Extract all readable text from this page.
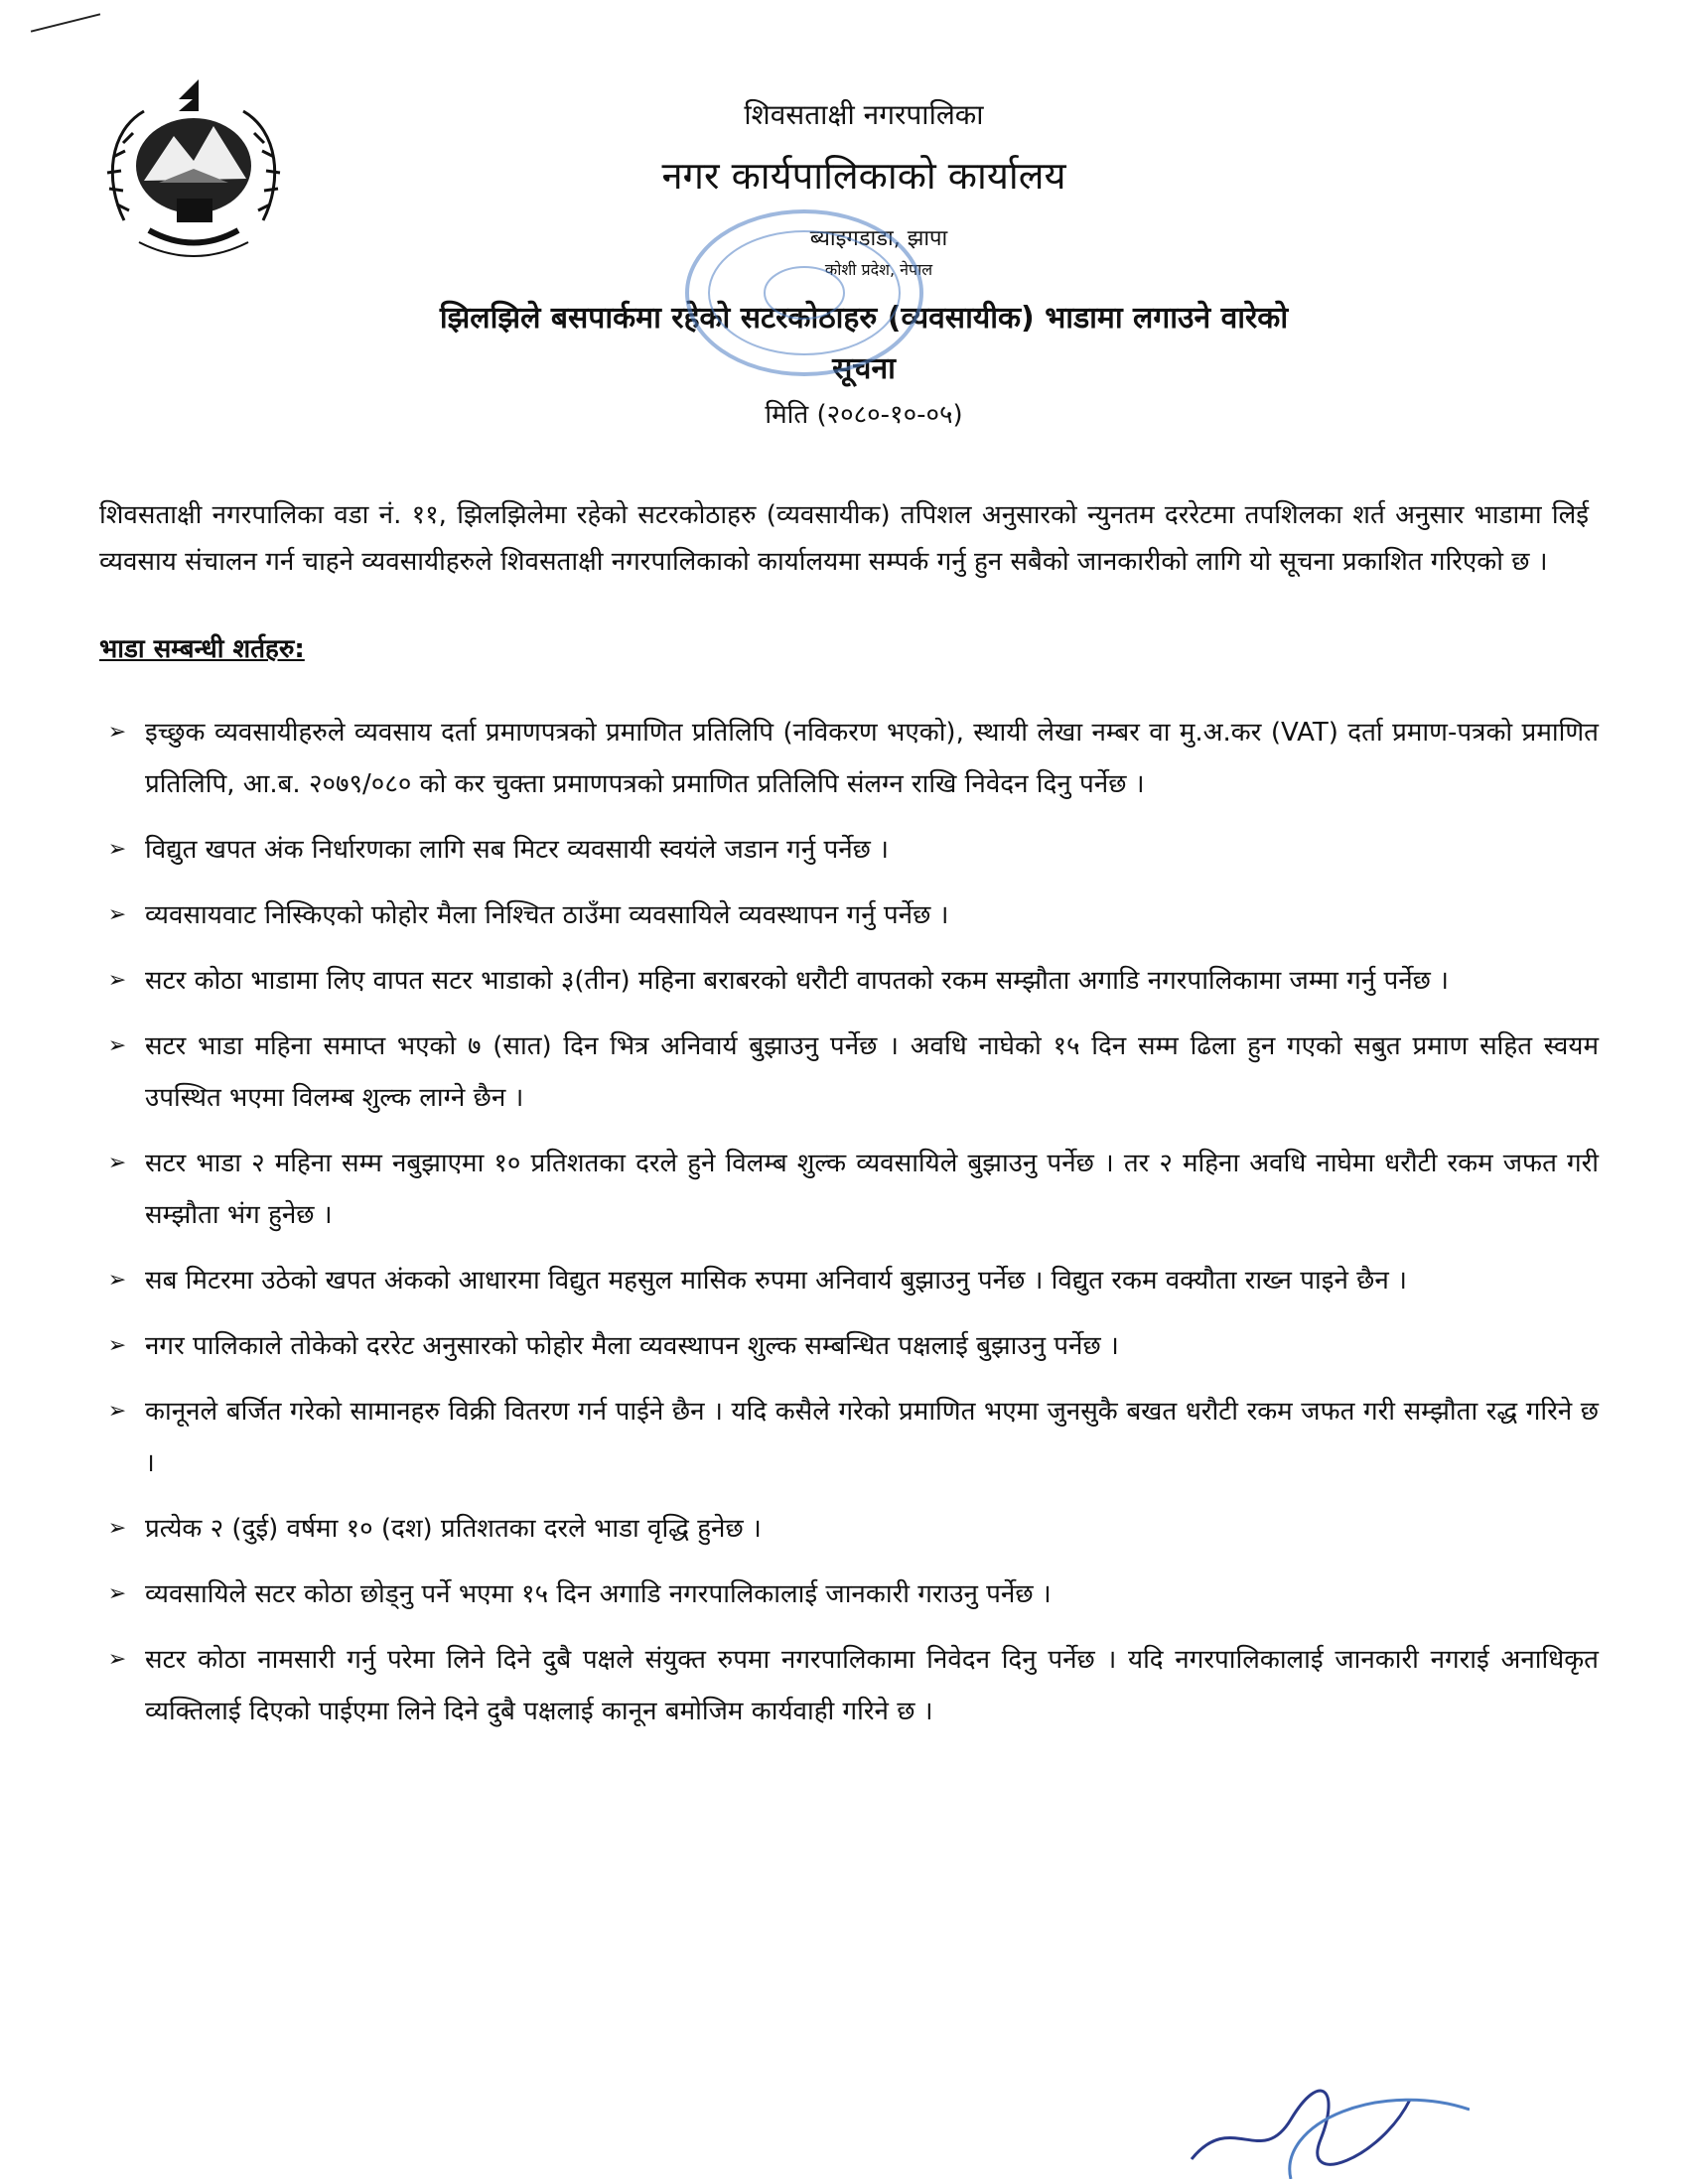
शिवसताक्षी नगरपालिका
नगर कार्यपालिकाको कार्यालय
ब्याइगडाडा, झापा
कोशी प्रदेश, नेपाल
झिलझिले बसपार्कमा रहेको सटरकोठाहरु (व्यवसायीक) भाडामा लगाउने वारेको
सूचना
मिति (२०८०-१०-०५)

शिवसताक्षी नगरपालिका वडा नं. ११, झिलझिलेमा रहेको सटरकोठाहरु (व्यवसायीक) तपिशल अनुसारको न्युनतम दररेटमा तपशिलका शर्त अनुसार भाडामा लिई व्यवसाय संचालन गर्न चाहने व्यवसायीहरुले शिवसताक्षी नगरपालिकाको कार्यालयमा सम्पर्क गर्नु हुन सबैको जानकारीको लागि यो सूचना प्रकाशित गरिएको छ ।

भाडा सम्बन्धी शर्तहरु:
➢ इच्छुक व्यवसायीहरुले व्यवसाय दर्ता प्रमाणपत्रको प्रमाणित प्रतिलिपि (नविकरण भएको), स्थायी लेखा नम्बर वा मु.अ.कर (VAT) दर्ता प्रमाण-पत्रको प्रमाणित प्रतिलिपि, आ.ब. २०७९/०८० को कर चुक्ता प्रमाणपत्रको प्रमाणित प्रतिलिपि संलग्न राखि निवेदन दिनु पर्नेछ ।
➢ विद्युत खपत अंक निर्धारणका लागि सब मिटर व्यवसायी स्वयंले जडान गर्नु पर्नेछ ।
➢ व्यवसायवाट निस्किएको फोहोर मैला निश्चित ठाउँमा व्यवसायिले व्यवस्थापन गर्नु पर्नेछ ।
➢ सटर कोठा भाडामा लिए वापत सटर भाडाको ३(तीन) महिना बराबरको धरौटी वापतको रकम सम्झौता अगाडि नगरपालिकामा जम्मा गर्नु पर्नेछ ।
➢ सटर भाडा महिना समाप्त भएको ७ (सात) दिन भित्र अनिवार्य बुझाउनु पर्नेछ । अवधि नाघेको १५ दिन सम्म ढिला हुन गएको सबुत प्रमाण सहित स्वयम उपस्थित भएमा विलम्ब शुल्क लाग्ने छैन ।
➢ सटर भाडा २ महिना सम्म नबुझाएमा १० प्रतिशतका दरले हुने विलम्ब शुल्क व्यवसायिले बुझाउनु पर्नेछ । तर २ महिना अवधि नाघेमा धरौटी रकम जफत गरी सम्झौता भंग हुनेछ ।
➢ सब मिटरमा उठेको खपत अंकको आधारमा विद्युत महसुल मासिक रुपमा अनिवार्य बुझाउनु पर्नेछ । विद्युत रकम वक्यौता राख्न पाइने छैन ।
➢ नगर पालिकाले तोकेको दररेट अनुसारको फोहोर मैला व्यवस्थापन शुल्क सम्बन्धित पक्षलाई बुझाउनु पर्नेछ ।
➢ कानूनले बर्जित गरेको सामानहरु विक्री वितरण गर्न पाईने छैन । यदि कसैले गरेको प्रमाणित भएमा जुनसुकै बखत धरौटी रकम जफत गरी सम्झौता रद्ध गरिने छ ।
➢ प्रत्येक २ (दुई) वर्षमा १० (दश) प्रतिशतका दरले भाडा वृद्धि हुनेछ ।
➢ व्यवसायिले सटर कोठा छोड्नु पर्ने भएमा १५ दिन अगाडि नगरपालिकालाई जानकारी गराउनु पर्नेछ ।
➢ सटर कोठा नामसारी गर्नु परेमा लिने दिने दुबै पक्षले संयुक्त रुपमा नगरपालिकामा निवेदन दिनु पर्नेछ । यदि नगरपालिकालाई जानकारी नगराई अनाधिकृत व्यक्तिलाई दिएको पाईएमा लिने दिने दुबै पक्षलाई कानून बमोजिम कार्यवाही गरिने छ ।
